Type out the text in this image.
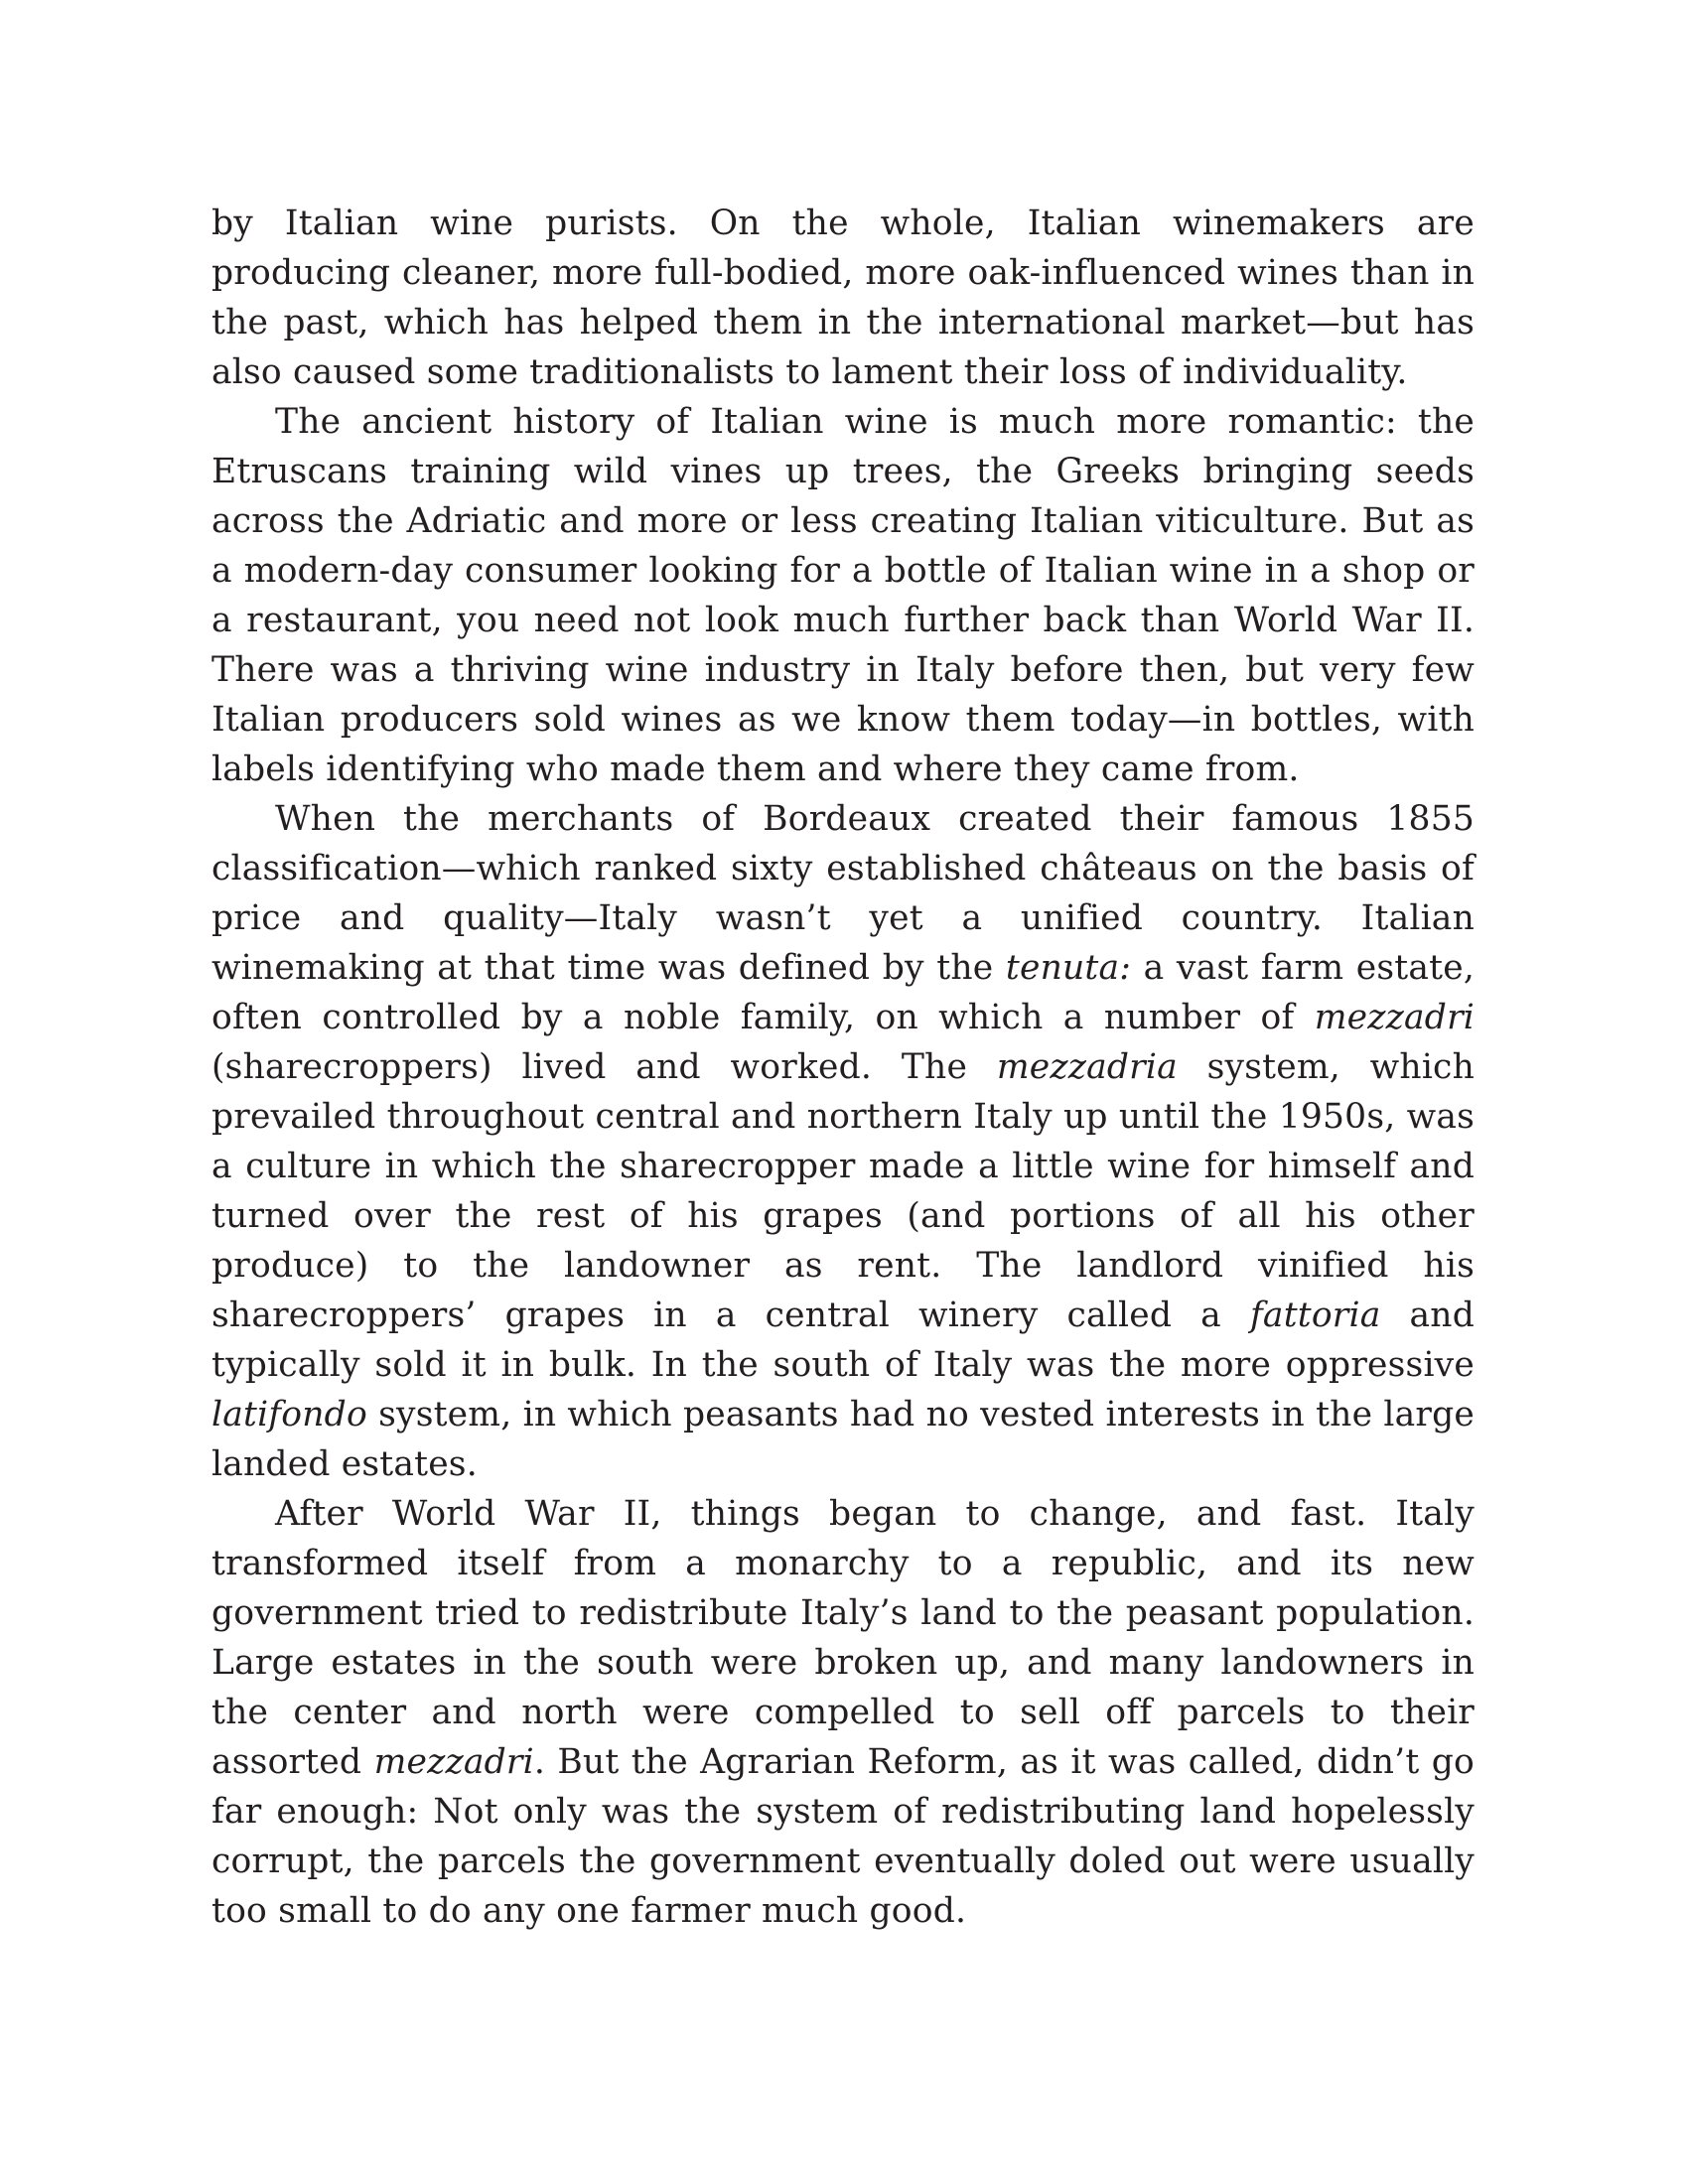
by Italian wine purists. On the whole, Italian winemakers are producing cleaner, more full-bodied, more oak-influenced wines than in the past, which has helped them in the international market—but has also caused some traditionalists to lament their loss of individuality.

The ancient history of Italian wine is much more romantic: the Etruscans training wild vines up trees, the Greeks bringing seeds across the Adriatic and more or less creating Italian viticulture. But as a modern-day consumer looking for a bottle of Italian wine in a shop or a restaurant, you need not look much further back than World War II. There was a thriving wine industry in Italy before then, but very few Italian producers sold wines as we know them today—in bottles, with labels identifying who made them and where they came from.

When the merchants of Bordeaux created their famous 1855 classification—which ranked sixty established châteaus on the basis of price and quality—Italy wasn’t yet a unified country. Italian winemaking at that time was defined by the tenuta: a vast farm estate, often controlled by a noble family, on which a number of mezzadri (sharecroppers) lived and worked. The mezzadria system, which prevailed throughout central and northern Italy up until the 1950s, was a culture in which the sharecropper made a little wine for himself and turned over the rest of his grapes (and portions of all his other produce) to the landowner as rent. The landlord vinified his sharecroppers’ grapes in a central winery called a fattoria and typically sold it in bulk. In the south of Italy was the more oppressive latifondo system, in which peasants had no vested interests in the large landed estates.

After World War II, things began to change, and fast. Italy transformed itself from a monarchy to a republic, and its new government tried to redistribute Italy’s land to the peasant population. Large estates in the south were broken up, and many landowners in the center and north were compelled to sell off parcels to their assorted mezzadri. But the Agrarian Reform, as it was called, didn’t go far enough: Not only was the system of redistributing land hopelessly corrupt, the parcels the government eventually doled out were usually too small to do any one farmer much good.
